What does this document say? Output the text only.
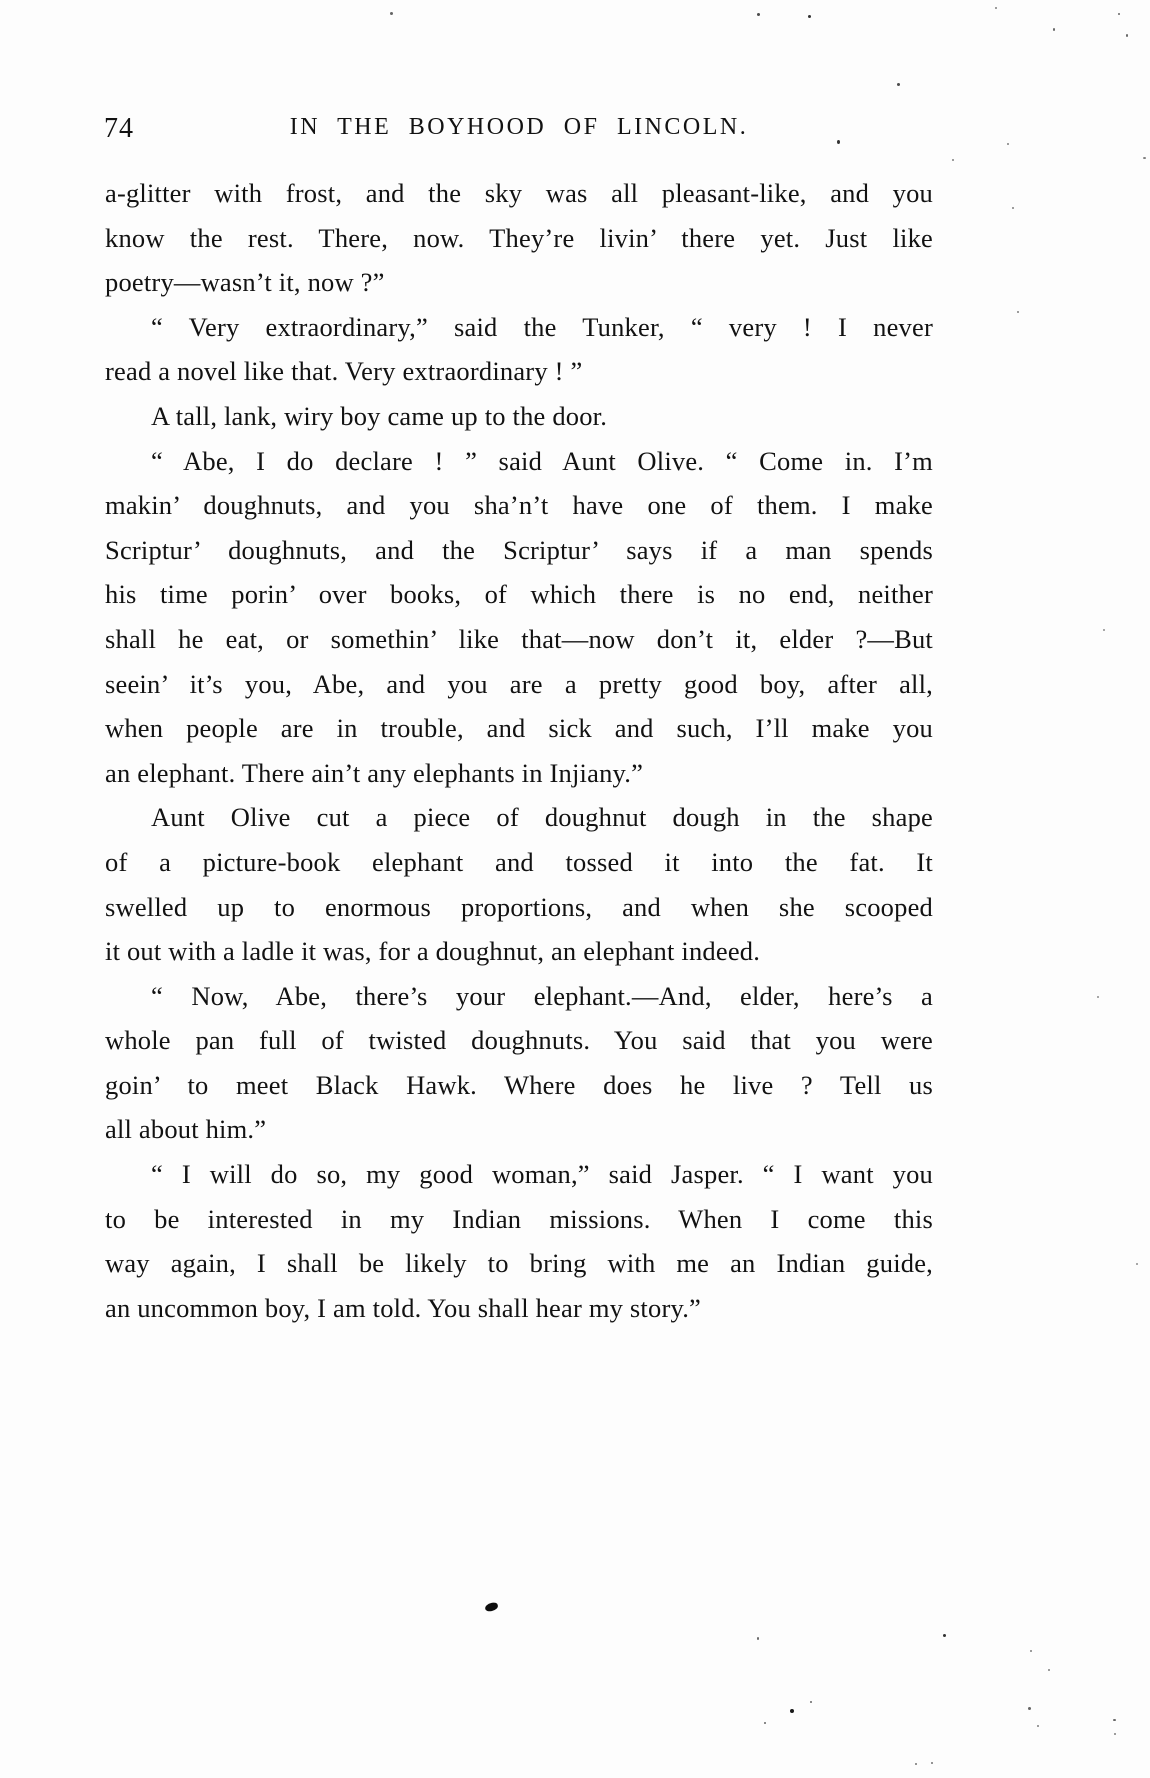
74	IN THE BOYHOOD OF LINCOLN.

a-glitter with frost, and the sky was all pleasant-like, and you
know the rest. There, now. They’re livin’ there yet. Just like
poetry—wasn’t it, now ?”

“ Very extraordinary,” said the Tunker, “ very ! I never
read a novel like that. Very extraordinary ! ”

A tall, lank, wiry boy came up to the door.

“ Abe, I do declare ! ” said Aunt Olive. “ Come in. I’m
makin’ doughnuts, and you sha’n’t have one of them. I make
Scriptur’ doughnuts, and the Scriptur’ says if a man spends
his time porin’ over books, of which there is no end, neither
shall he eat, or somethin’ like that—now don’t it, elder ?—But
seein’ it’s you, Abe, and you are a pretty good boy, after all,
when people are in trouble, and sick and such, I’ll make you
an elephant. There ain’t any elephants in Injiany.”

Aunt Olive cut a piece of doughnut dough in the shape
of a picture-book elephant and tossed it into the fat. It
swelled up to enormous proportions, and when she scooped
it out with a ladle it was, for a doughnut, an elephant indeed.

“ Now, Abe, there’s your elephant.—And, elder, here’s a
whole pan full of twisted doughnuts. You said that you were
goin’ to meet Black Hawk. Where does he live ? Tell us
all about him.”

“ I will do so, my good woman,” said Jasper. “ I want you
to be interested in my Indian missions. When I come this
way again, I shall be likely to bring with me an Indian guide,
an uncommon boy, I am told. You shall hear my story.”
